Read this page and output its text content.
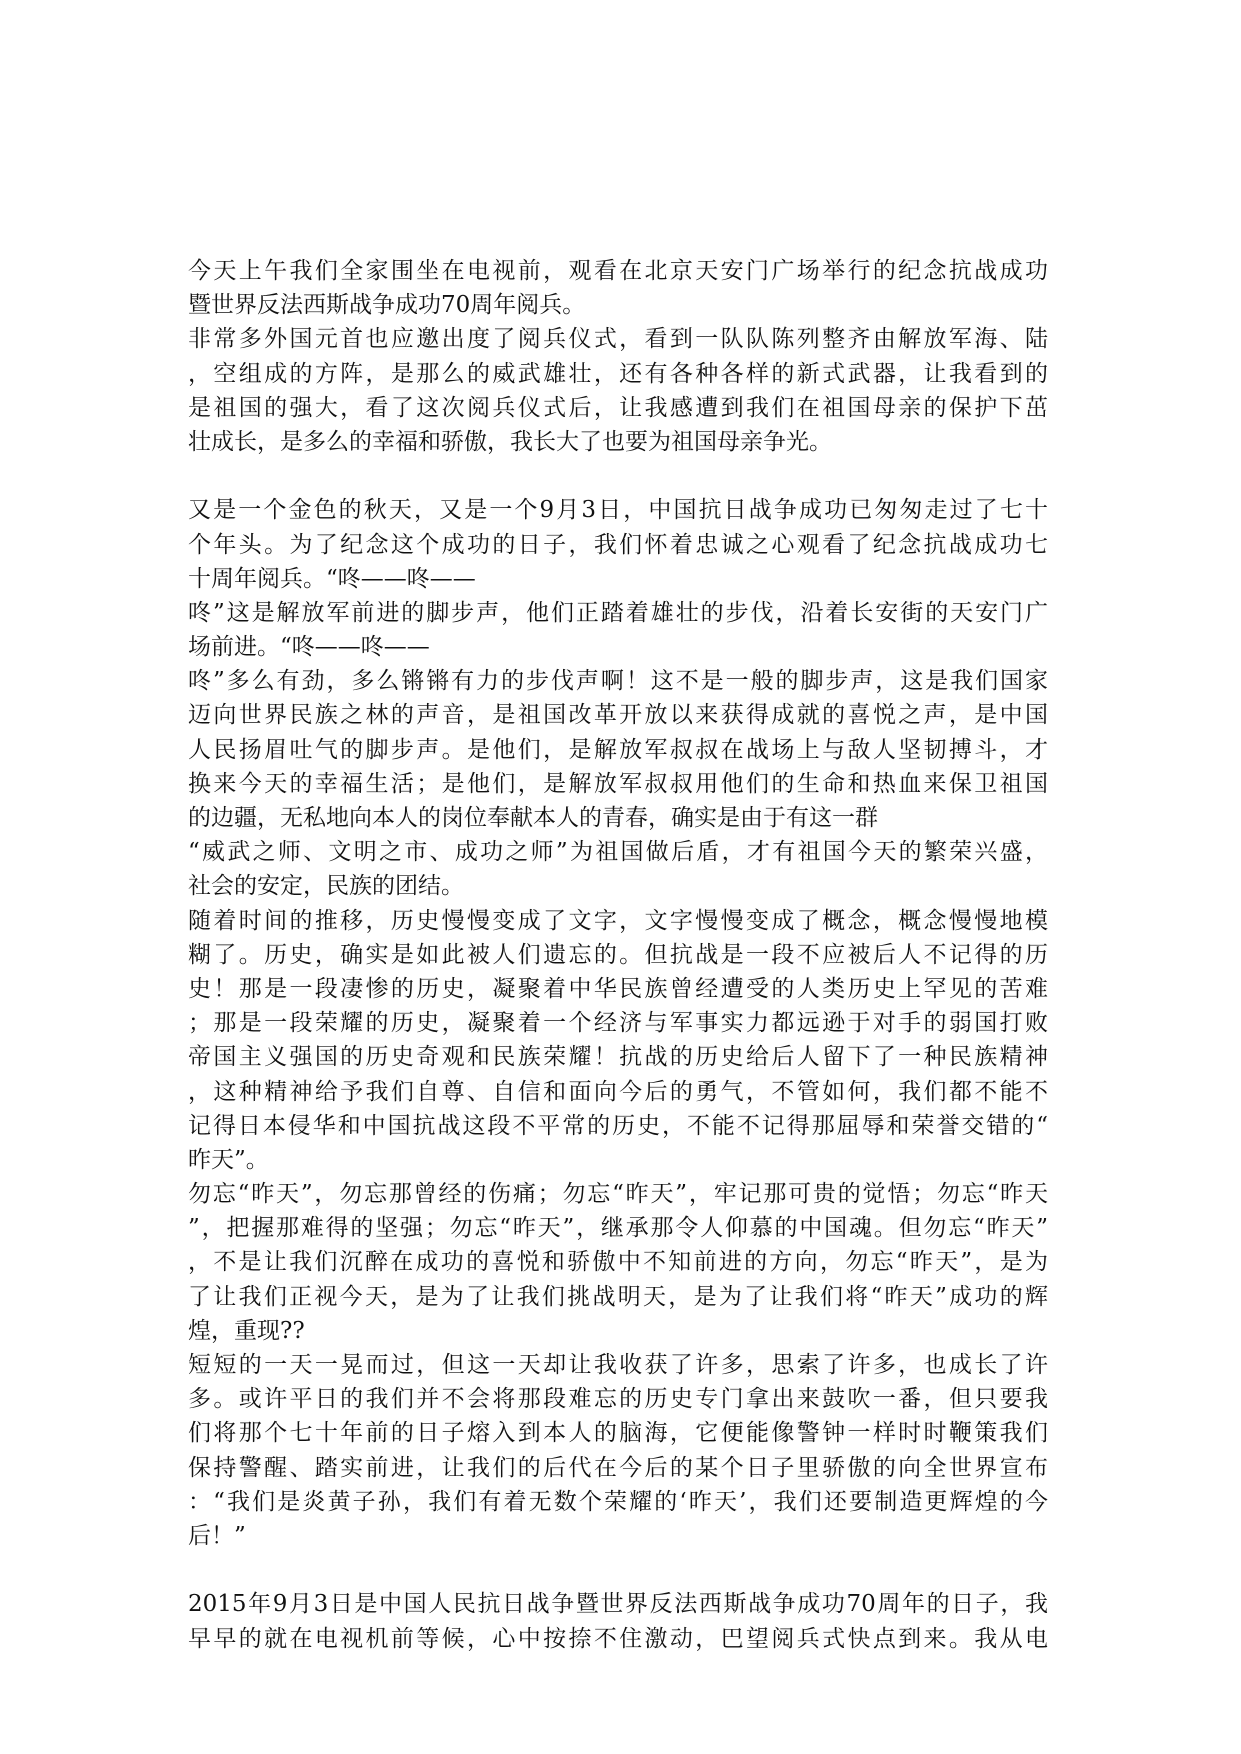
今天上午我们全家围坐在电视前，观看在北京天安门广场举行的纪念抗战成功
暨世界反法西斯战争成功70周年阅兵。
非常多外国元首也应邀出度了阅兵仪式，看到一队队陈列整齐由解放军海、陆
，空组成的方阵，是那么的威武雄壮，还有各种各样的新式武器，让我看到的
是祖国的强大，看了这次阅兵仪式后，让我感遭到我们在祖国母亲的保护下茁
壮成长，是多么的幸福和骄傲，我长大了也要为祖国母亲争光。
又是一个金色的秋天，又是一个9月3日，中国抗日战争成功已匆匆走过了七十
个年头。为了纪念这个成功的日子，我们怀着忠诚之心观看了纪念抗战成功七
十周年阅兵。“咚——咚——
咚”这是解放军前进的脚步声，他们正踏着雄壮的步伐，沿着长安街的天安门广
场前进。“咚——咚——
咚”多么有劲，多么锵锵有力的步伐声啊！这不是一般的脚步声，这是我们国家
迈向世界民族之林的声音，是祖国改革开放以来获得成就的喜悦之声，是中国
人民扬眉吐气的脚步声。是他们，是解放军叔叔在战场上与敌人坚韧搏斗，才
换来今天的幸福生活；是他们，是解放军叔叔用他们的生命和热血来保卫祖国
的边疆，无私地向本人的岗位奉献本人的青春，确实是由于有这一群
“威武之师、文明之市、成功之师”为祖国做后盾，才有祖国今天的繁荣兴盛，
社会的安定，民族的团结。
随着时间的推移，历史慢慢变成了文字，文字慢慢变成了概念，概念慢慢地模
糊了。历史，确实是如此被人们遗忘的。但抗战是一段不应被后人不记得的历
史！那是一段凄惨的历史，凝聚着中华民族曾经遭受的人类历史上罕见的苦难
；那是一段荣耀的历史，凝聚着一个经济与军事实力都远逊于对手的弱国打败
帝国主义强国的历史奇观和民族荣耀！抗战的历史给后人留下了一种民族精神
，这种精神给予我们自尊、自信和面向今后的勇气，不管如何，我们都不能不
记得日本侵华和中国抗战这段不平常的历史，不能不记得那屈辱和荣誉交错的“
昨天”。
勿忘“昨天”，勿忘那曾经的伤痛；勿忘“昨天”，牢记那可贵的觉悟；勿忘“昨天
”，把握那难得的坚强；勿忘“昨天”，继承那令人仰慕的中国魂。但勿忘“昨天”
，不是让我们沉醉在成功的喜悦和骄傲中不知前进的方向，勿忘“昨天”，是为
了让我们正视今天，是为了让我们挑战明天，是为了让我们将“昨天”成功的辉
煌，重现??
短短的一天一晃而过，但这一天却让我收获了许多，思索了许多，也成长了许
多。或许平日的我们并不会将那段难忘的历史专门拿出来鼓吹一番，但只要我
们将那个七十年前的日子熔入到本人的脑海，它便能像警钟一样时时鞭策我们
保持警醒、踏实前进，让我们的后代在今后的某个日子里骄傲的向全世界宣布
：“我们是炎黄子孙，我们有着无数个荣耀的‘昨天’，我们还要制造更辉煌的今
后！”
2015年9月3日是中国人民抗日战争暨世界反法西斯战争成功70周年的日子，我
早早的就在电视机前等候，心中按捺不住激动，巴望阅兵式快点到来。我从电
